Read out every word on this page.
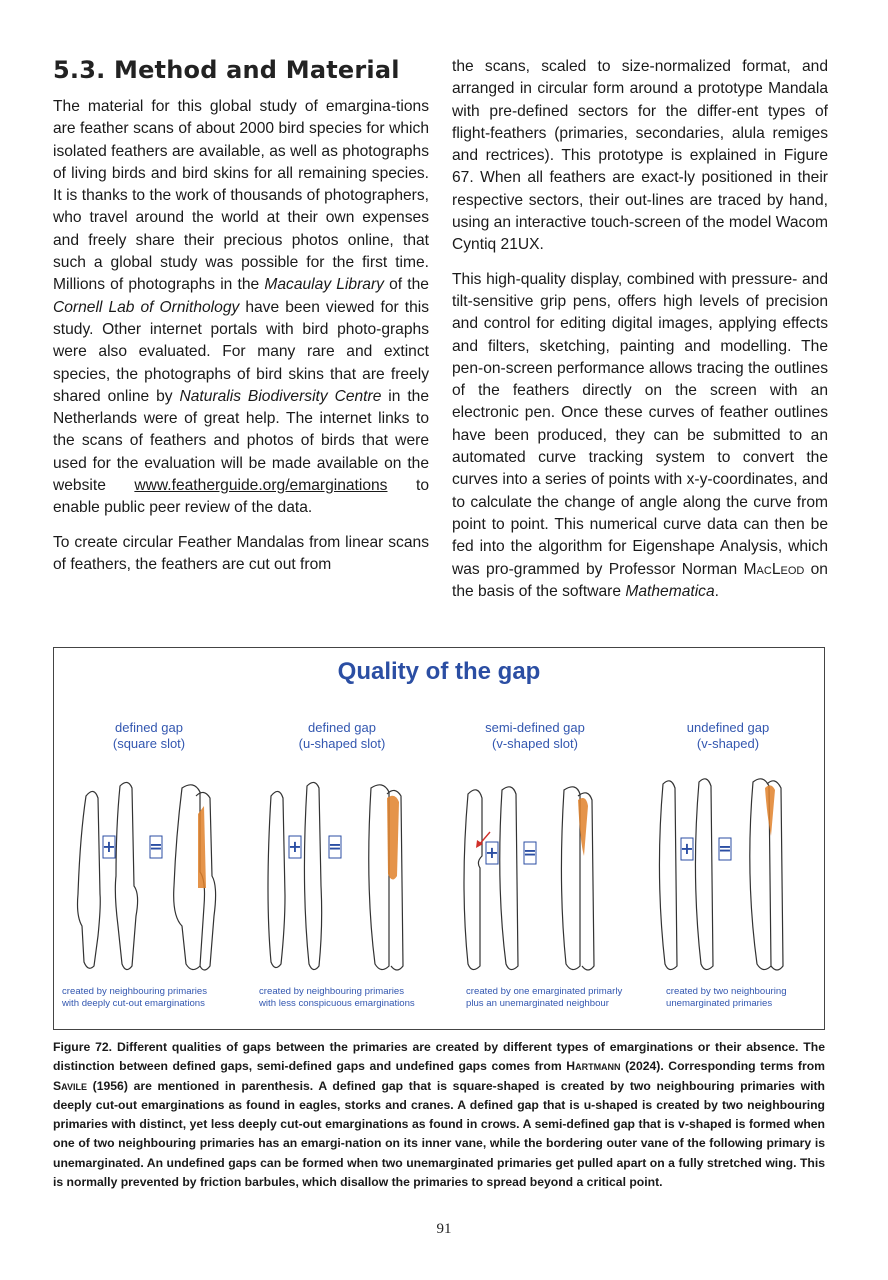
5.3. Method and Material

The material for this global study of emargina-tions are feather scans of about 2000 bird species for which isolated feathers are available, as well as photographs of living birds and bird skins for all remaining species. It is thanks to the work of thousands of photographers, who travel around the world at their own expenses and freely share their precious photos online, that such a global study was possible for the first time. Millions of photographs in the Macaulay Library of the Cornell Lab of Ornithology have been viewed for this study. Other internet portals with bird photo-graphs were also evaluated. For many rare and extinct species, the photographs of bird skins that are freely shared online by Naturalis Biodiversity Centre in the Netherlands were of great help. The internet links to the scans of feathers and photos of birds that were used for the evaluation will be made available on the website www.featherguide.org/emarginations to enable public peer review of the data.

To create circular Feather Mandalas from linear scans of feathers, the feathers are cut out from

the scans, scaled to size-normalized format, and arranged in circular form around a prototype Mandala with pre-defined sectors for the differ-ent types of flight-feathers (primaries, secondaries, alula remiges and rectrices). This prototype is explained in Figure 67. When all feathers are exact-ly positioned in their respective sectors, their out-lines are traced by hand, using an interactive touch-screen of the model Wacom Cyntiq 21UX.

This high-quality display, combined with pressure- and tilt-sensitive grip pens, offers high levels of precision and control for editing digital images, applying effects and filters, sketching, painting and modelling. The pen-on-screen performance allows tracing the outlines of the feathers directly on the screen with an electronic pen. Once these curves of feather outlines have been produced, they can be submitted to an automated curve tracking system to convert the curves into a series of points with x-y-coordinates, and to calculate the change of angle along the curve from point to point. This numerical curve data can then be fed into the algorithm for Eigenshape Analysis, which was pro-grammed by Professor Norman MacLeod on the basis of the software Mathematica.

Quality of the gap
defined gap
(square slot)
+ =
created by neighbouring primaries
with deeply cut-out emarginations
defined gap
(u-shaped slot)
+ =
created by neighbouring primaries
with less conspicuous emarginations
semi-defined gap
(v-shaped slot)
+ =
created by one emarginated primarly
plus an unemarginated neighbour
undefined gap
(v-shaped)
+ =
created by two neighbouring
unemarginated primaries
Figure 72. Different qualities of gaps between the primaries are created by different types of emarginations or their absence. The distinction between defined gaps, semi-defined gaps and undefined gaps comes from Hartmann (2024). Corresponding terms from Savile (1956) are mentioned in parenthesis. A defined gap that is square-shaped is created by two neighbouring primaries with deeply cut-out emarginations as found in eagles, storks and cranes. A defined gap that is u-shaped is created by two neighbouring primaries with distinct, yet less deeply cut-out emarginations as found in crows. A semi-defined gap that is v-shaped is formed when one of two neighbouring primaries has an emargi-nation on its inner vane, while the bordering outer vane of the following primary is unemarginated. An undefined gaps can be formed when two unemarginated primaries get pulled apart on a fully stretched wing. This is normally prevented by friction barbules, which disallow the primaries to spread beyond a critical point.
91
